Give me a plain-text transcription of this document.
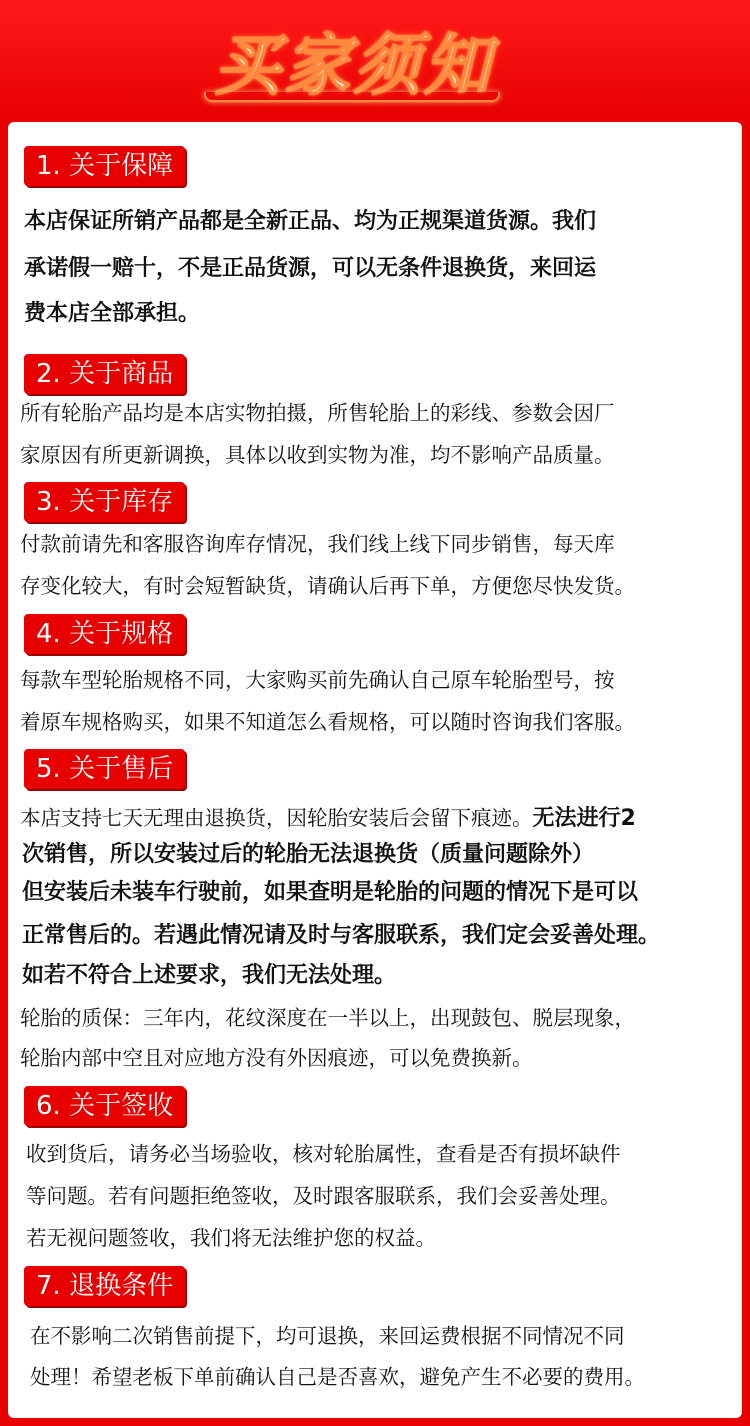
买家须知
1. 关于保障

本店保证所销产品都是全新正品、均为正规渠道货源。我们

承诺假一赔十，不是正品货源，可以无条件退换货，来回运

费本店全部承担。

2. 关于商品

所有轮胎产品均是本店实物拍摄，所售轮胎上的彩线、参数会因厂

家原因有所更新调换，具体以收到实物为准，均不影响产品质量。

3. 关于库存

付款前请先和客服咨询库存情况，我们线上线下同步销售，每天库

存变化较大，有时会短暂缺货，请确认后再下单，方便您尽快发货。

4. 关于规格

每款车型轮胎规格不同，大家购买前先确认自己原车轮胎型号，按

着原车规格购买，如果不知道怎么看规格，可以随时咨询我们客服。

5. 关于售后

本店支持七天无理由退换货，因轮胎安装后会留下痕迹。无法进行2

次销售，所以安装过后的轮胎无法退换货（质量问题除外）

但安装后未装车行驶前，如果查明是轮胎的问题的情况下是可以

正常售后的。若遇此情况请及时与客服联系，我们定会妥善处理。

如若不符合上述要求，我们无法处理。

轮胎的质保：三年内，花纹深度在一半以上，出现鼓包、脱层现象，

轮胎内部中空且对应地方没有外因痕迹，可以免费换新。

6. 关于签收

收到货后，请务必当场验收，核对轮胎属性，查看是否有损坏缺件

等问题。若有问题拒绝签收，及时跟客服联系，我们会妥善处理。

若无视问题签收，我们将无法维护您的权益。

7. 退换条件

在不影响二次销售前提下，均可退换，来回运费根据不同情况不同

处理！希望老板下单前确认自己是否喜欢，避免产生不必要的费用。
